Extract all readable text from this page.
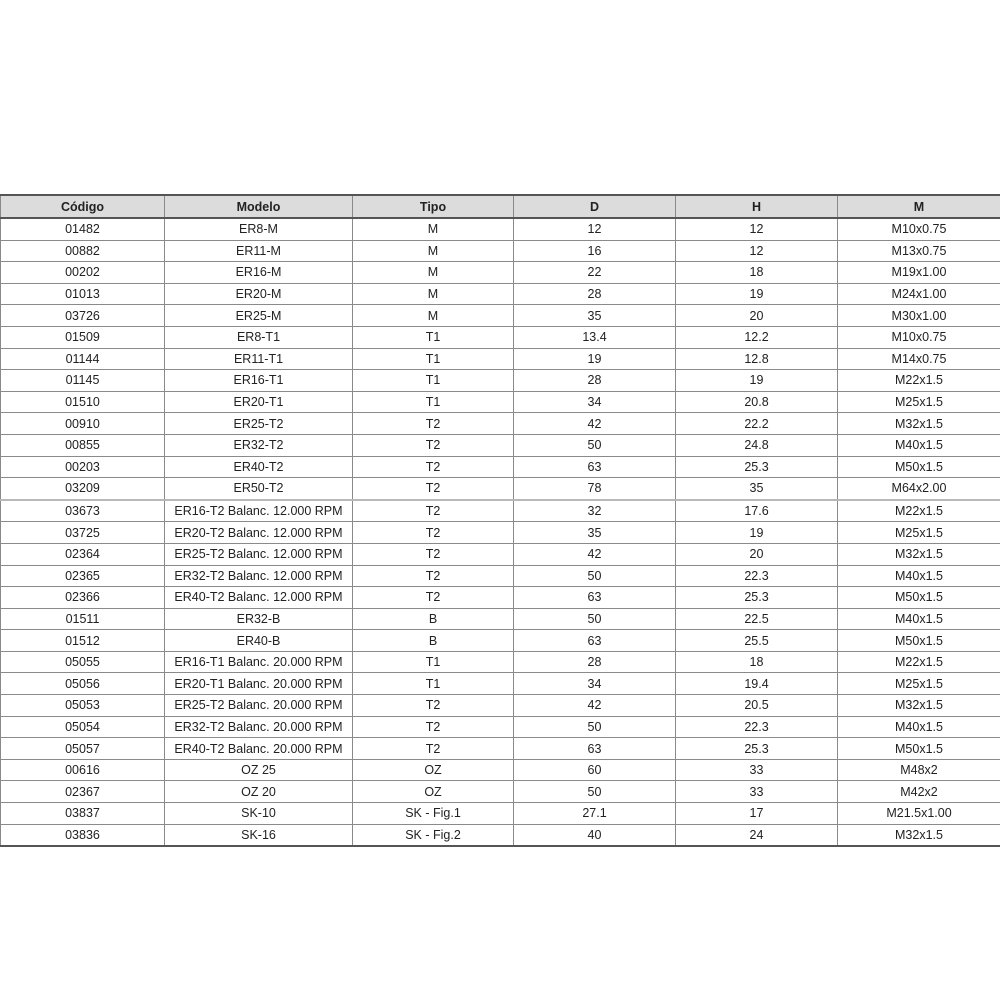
Código	Modelo	Tipo	D	H	M
01482	ER8-M	M	12	12	M10x0.75
00882	ER11-M	M	16	12	M13x0.75
00202	ER16-M	M	22	18	M19x1.00
01013	ER20-M	M	28	19	M24x1.00
03726	ER25-M	M	35	20	M30x1.00
01509	ER8-T1	T1	13.4	12.2	M10x0.75
01144	ER11-T1	T1	19	12.8	M14x0.75
01145	ER16-T1	T1	28	19	M22x1.5
01510	ER20-T1	T1	34	20.8	M25x1.5
00910	ER25-T2	T2	42	22.2	M32x1.5
00855	ER32-T2	T2	50	24.8	M40x1.5
00203	ER40-T2	T2	63	25.3	M50x1.5
03209	ER50-T2	T2	78	35	M64x2.00
03673	ER16-T2 Balanc. 12.000 RPM	T2	32	17.6	M22x1.5
03725	ER20-T2 Balanc. 12.000 RPM	T2	35	19	M25x1.5
02364	ER25-T2 Balanc. 12.000 RPM	T2	42	20	M32x1.5
02365	ER32-T2 Balanc. 12.000 RPM	T2	50	22.3	M40x1.5
02366	ER40-T2 Balanc. 12.000 RPM	T2	63	25.3	M50x1.5
01511	ER32-B	B	50	22.5	M40x1.5
01512	ER40-B	B	63	25.5	M50x1.5
05055	ER16-T1 Balanc. 20.000 RPM	T1	28	18	M22x1.5
05056	ER20-T1 Balanc. 20.000 RPM	T1	34	19.4	M25x1.5
05053	ER25-T2 Balanc. 20.000 RPM	T2	42	20.5	M32x1.5
05054	ER32-T2 Balanc. 20.000 RPM	T2	50	22.3	M40x1.5
05057	ER40-T2 Balanc. 20.000 RPM	T2	63	25.3	M50x1.5
00616	OZ 25	OZ	60	33	M48x2
02367	OZ 20	OZ	50	33	M42x2
03837	SK-10	SK - Fig.1	27.1	17	M21.5x1.00
03836	SK-16	SK - Fig.2	40	24	M32x1.5
